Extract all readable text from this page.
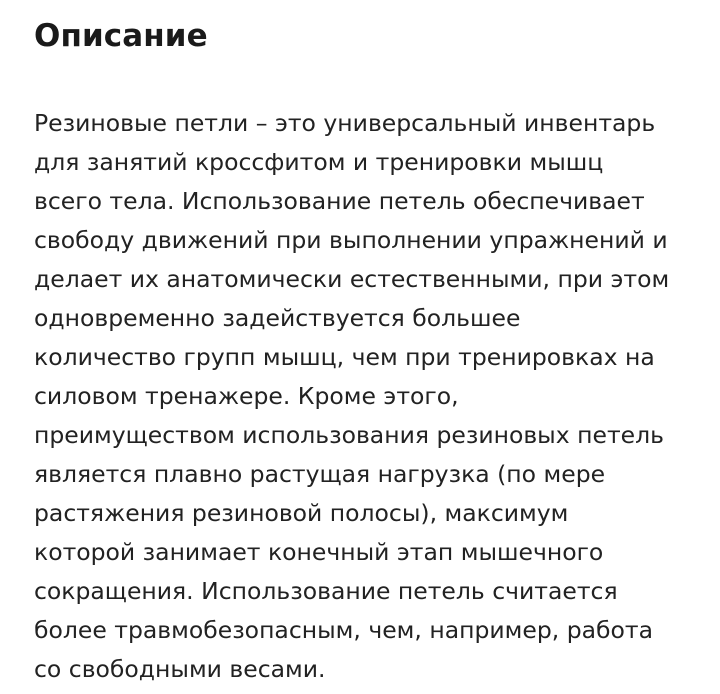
Описание

Резиновые петли – это универсальный инвентарь
для занятий кроссфитом и тренировки мышц
всего тела. Использование петель обеспечивает
свободу движений при выполнении упражнений и
делает их анатомически естественными, при этом
одновременно задействуется большее
количество групп мышц, чем при тренировках на
силовом тренажере. Кроме этого,
преимуществом использования резиновых петель
является плавно растущая нагрузка (по мере
растяжения резиновой полосы), максимум
которой занимает конечный этап мышечного
сокращения. Использование петель считается
более травмобезопасным, чем, например, работа
со свободными весами.
